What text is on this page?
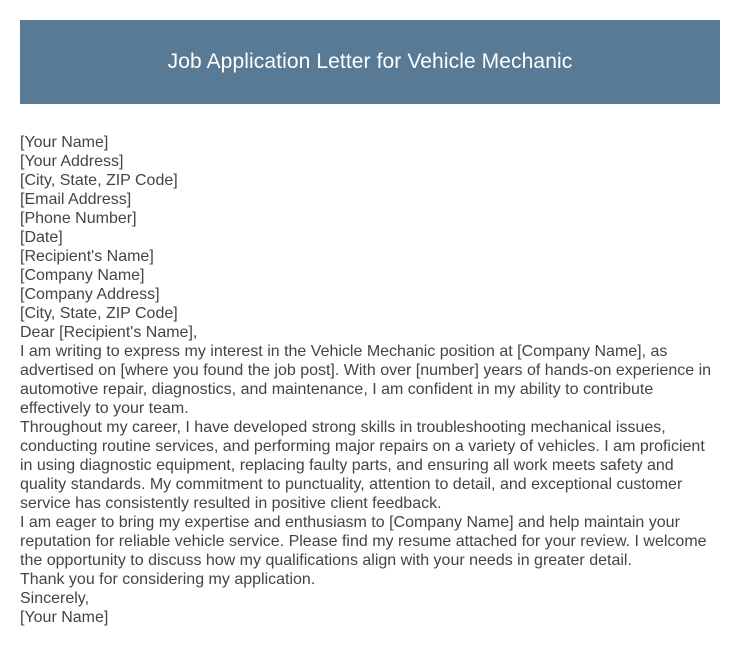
Job Application Letter for Vehicle Mechanic
[Your Name]
[Your Address]
[City, State, ZIP Code]
[Email Address]
[Phone Number]
[Date]
[Recipient's Name]
[Company Name]
[Company Address]
[City, State, ZIP Code]
Dear [Recipient's Name],
I am writing to express my interest in the Vehicle Mechanic position at [Company Name], as
advertised on [where you found the job post]. With over [number] years of hands-on experience in
automotive repair, diagnostics, and maintenance, I am confident in my ability to contribute
effectively to your team.
Throughout my career, I have developed strong skills in troubleshooting mechanical issues,
conducting routine services, and performing major repairs on a variety of vehicles. I am proficient
in using diagnostic equipment, replacing faulty parts, and ensuring all work meets safety and
quality standards. My commitment to punctuality, attention to detail, and exceptional customer
service has consistently resulted in positive client feedback.
I am eager to bring my expertise and enthusiasm to [Company Name] and help maintain your
reputation for reliable vehicle service. Please find my resume attached for your review. I welcome
the opportunity to discuss how my qualifications align with your needs in greater detail.
Thank you for considering my application.
Sincerely,
[Your Name]
